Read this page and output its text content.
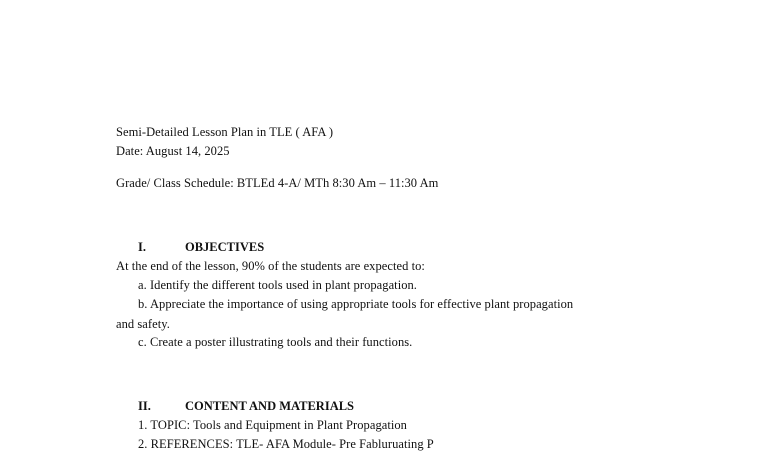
Semi-Detailed Lesson Plan in TLE ( AFA )
Date: August 14, 2025
Grade/ Class Schedule: BTLEd 4-A/ MTh 8:30 Am – 11:30 Am
I.	OBJECTIVES
At the end of the lesson, 90% of the students are expected to:
a. Identify the different tools used in plant propagation.
b. Appreciate the importance of using appropriate tools for effective plant propagation
and safety.
c. Create a poster illustrating tools and their functions.
II.	CONTENT AND MATERIALS
1. TOPIC: Tools and Equipment in Plant Propagation
2. REFERENCES: TLE- AFA Module- Pre Fabluruating P
